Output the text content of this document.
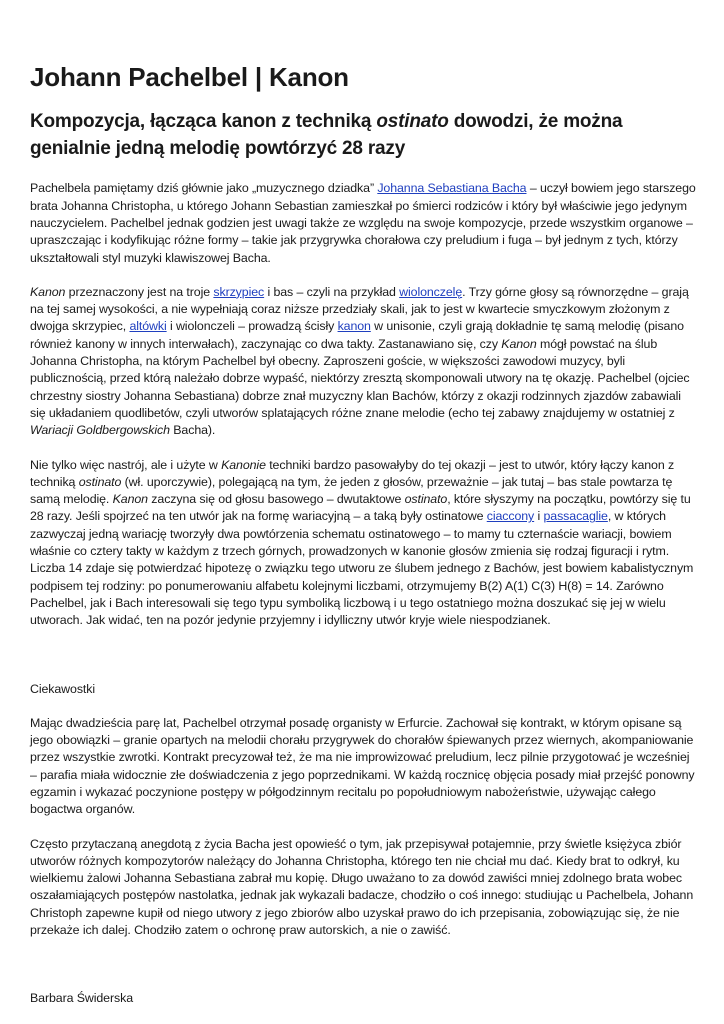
Johann Pachelbel | Kanon
Kompozycja, łącząca kanon z techniką ostinato dowodzi, że można genialnie jedną melodię powtórzyć 28 razy

Pachelbela pamiętamy dziś głównie jako „muzycznego dziadka” Johanna Sebastiana Bacha – uczył bowiem jego starszego brata Johanna Christopha, u którego Johann Sebastian zamieszkał po śmierci rodziców i który był właściwie jego jedynym nauczycielem. Pachelbel jednak godzien jest uwagi także ze względu na swoje kompozycje, przede wszystkim organowe – upraszczając i kodyfikując różne formy – takie jak przygrywka chorałowa czy preludium i fuga – był jednym z tych, którzy ukształtowali styl muzyki klawiszowej Bacha.

Kanon przeznaczony jest na troje skrzypiec i bas – czyli na przykład wiolonczelę. Trzy górne głosy są równorzędne – grają na tej samej wysokości, a nie wypełniają coraz niższe przedziały skali, jak to jest w kwartecie smyczkowym złożonym z dwojga skrzypiec, altówki i wiolonczeli – prowadzą ścisły kanon w unisonie, czyli grają dokładnie tę samą melodię (pisano również kanony w innych interwałach), zaczynając co dwa takty. Zastanawiano się, czy Kanon mógł powstać na ślub Johanna Christopha, na którym Pachelbel był obecny. Zaproszeni goście, w większości zawodowi muzycy, byli publicznością, przed którą należało dobrze wypaść, niektórzy zresztą skomponowali utwory na tę okazję. Pachelbel (ojciec chrzestny siostry Johanna Sebastiana) dobrze znał muzyczny klan Bachów, którzy z okazji rodzinnych zjazdów zabawiali się układaniem quodlibetów, czyli utworów splatających różne znane melodie (echo tej zabawy znajdujemy w ostatniej z Wariacji Goldbergowskich Bacha).

Nie tylko więc nastrój, ale i użyte w Kanonie techniki bardzo pasowałyby do tej okazji – jest to utwór, który łączy kanon z techniką ostinato (wł. uporczywie), polegającą na tym, że jeden z głosów, przeważnie – jak tutaj – bas stale powtarza tę samą melodię. Kanon zaczyna się od głosu basowego – dwutaktowe ostinato, które słyszymy na początku, powtórzy się tu 28 razy. Jeśli spojrzeć na ten utwór jak na formę wariacyjną – a taką były ostinatowe ciaccony i passacaglie, w których zazwyczaj jedną wariację tworzyły dwa powtórzenia schematu ostinatowego – to mamy tu czternaście wariacji, bowiem właśnie co cztery takty w każdym z trzech górnych, prowadzonych w kanonie głosów zmienia się rodzaj figuracji i rytm. Liczba 14 zdaje się potwierdzać hipotezę o związku tego utworu ze ślubem jednego z Bachów, jest bowiem kabalistycznym podpisem tej rodziny: po ponumerowaniu alfabetu kolejnymi liczbami, otrzymujemy B(2) A(1) C(3) H(8) = 14. Zarówno Pachelbel, jak i Bach interesowali się tego typu symboliką liczbową i u tego ostatniego można doszukać się jej w wielu utworach. Jak widać, ten na pozór jedynie przyjemny i idylliczny utwór kryje wiele niespodzianek.

Ciekawostki

Mając dwadzieścia parę lat, Pachelbel otrzymał posadę organisty w Erfurcie. Zachował się kontrakt, w którym opisane są jego obowiązki – granie opartych na melodii chorału przygrywek do chorałów śpiewanych przez wiernych, akompaniowanie przez wszystkie zwrotki. Kontrakt precyzował też, że ma nie improwizować preludium, lecz pilnie przygotować je wcześniej – parafia miała widocznie złe doświadczenia z jego poprzednikami. W każdą rocznicę objęcia posady miał przejść ponowny egzamin i wykazać poczynione postępy w półgodzinnym recitalu po popołudniowym nabożeństwie, używając całego bogactwa organów.

Często przytaczaną anegdotą z życia Bacha jest opowieść o tym, jak przepisywał potajemnie, przy świetle księżyca zbiór utworów różnych kompozytorów należący do Johanna Christopha, którego ten nie chciał mu dać. Kiedy brat to odkrył, ku wielkiemu żalowi Johanna Sebastiana zabrał mu kopię. Długo uważano to za dowód zawiści mniej zdolnego brata wobec oszałamiających postępów nastolatka, jednak jak wykazali badacze, chodziło o coś innego: studiując u Pachelbela, Johann Christoph zapewne kupił od niego utwory z jego zbiorów albo uzyskał prawo do ich przepisania, zobowiązując się, że nie przekaże ich dalej. Chodziło zatem o ochronę praw autorskich, a nie o zawiść.

Barbara Świderska
